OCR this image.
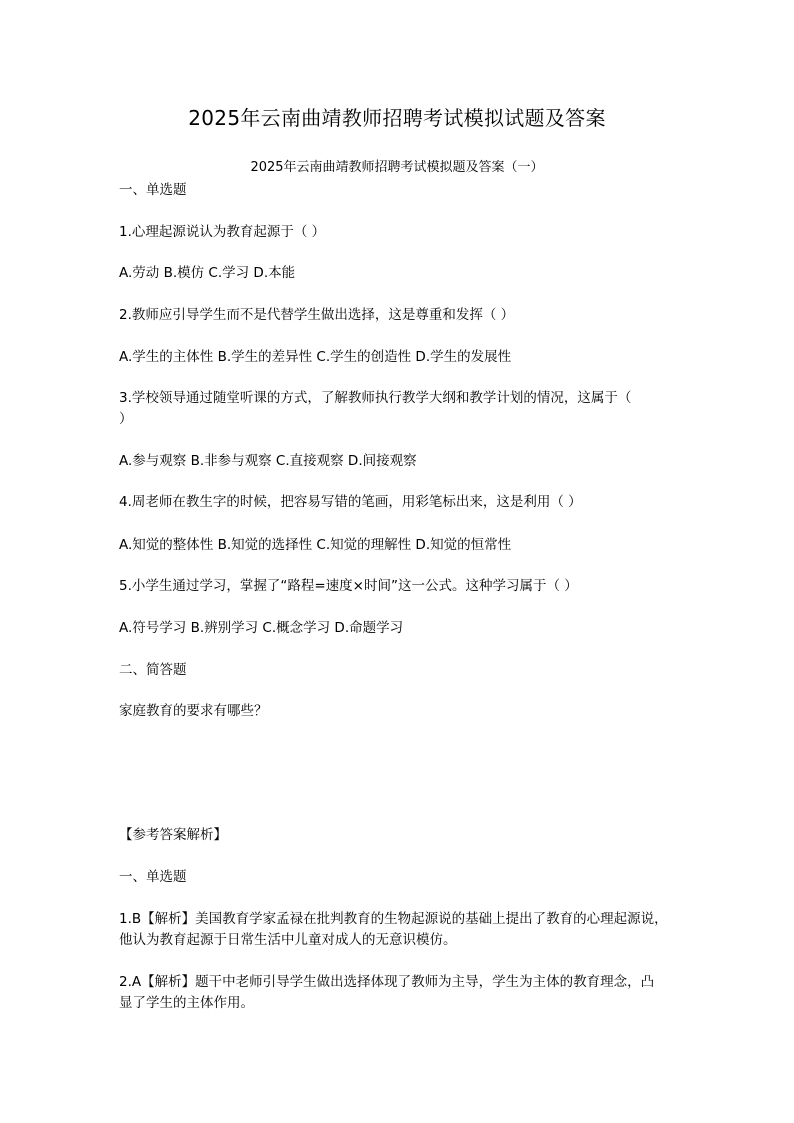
2025年云南曲靖教师招聘考试模拟试题及答案
2025年云南曲靖教师招聘考试模拟题及答案（一）
一、单选题
1.心理起源说认为教育起源于（ ）
A.劳动 B.模仿 C.学习 D.本能
2.教师应引导学生而不是代替学生做出选择，这是尊重和发挥（ ）
A.学生的主体性 B.学生的差异性 C.学生的创造性 D.学生的发展性
3.学校领导通过随堂听课的方式，了解教师执行教学大纲和教学计划的情况，这属于（
）
A.参与观察 B.非参与观察 C.直接观察 D.间接观察
4.周老师在教生字的时候，把容易写错的笔画，用彩笔标出来，这是利用（ ）
A.知觉的整体性 B.知觉的选择性 C.知觉的理解性 D.知觉的恒常性
5.小学生通过学习，掌握了“路程=速度×时间”这一公式。这种学习属于（ ）
A.符号学习 B.辨别学习 C.概念学习 D.命题学习
二、简答题
家庭教育的要求有哪些？
【参考答案解析】
一、单选题
1.B【解析】美国教育学家孟禄在批判教育的生物起源说的基础上提出了教育的心理起源说，
他认为教育起源于日常生活中儿童对成人的无意识模仿。
2.A【解析】题干中老师引导学生做出选择体现了教师为主导，学生为主体的教育理念，凸
显了学生的主体作用。
